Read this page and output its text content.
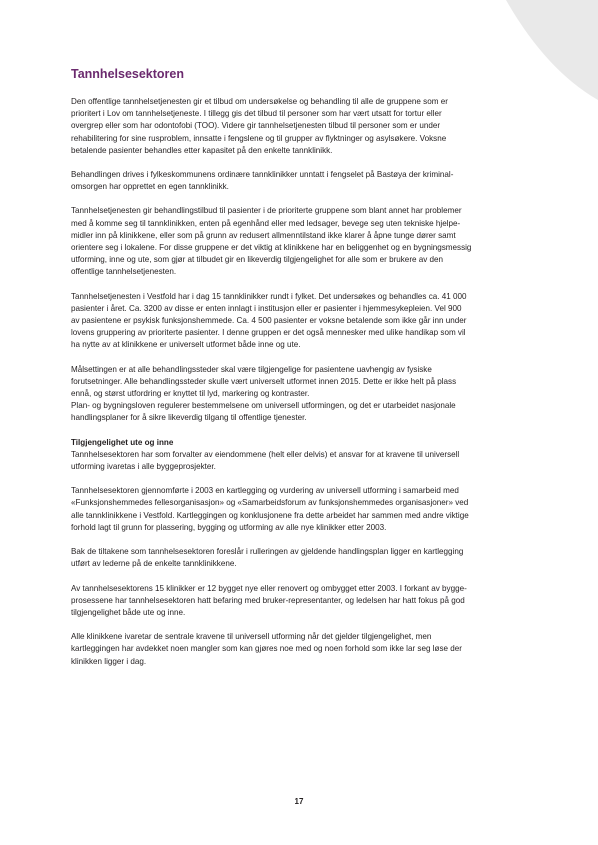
Tannhelsesektoren

Den offentlige tannhelsetjenesten gir et tilbud om undersøkelse og behandling til alle de gruppene som er
prioritert i Lov om tannhelsetjeneste. I tillegg gis det tilbud til personer som har vært utsatt for tortur eller
overgrep eller som har odontofobi (TOO). Videre gir tannhelsetjenesten tilbud til personer som er under
rehabilitering for sine rusproblem, innsatte i fengslene og til grupper av flyktninger og asylsøkere. Voksne
betalende pasienter behandles etter kapasitet på den enkelte tannklinikk.

Behandlingen drives i fylkeskommunens ordinære tannklinikker unntatt i fengselet på Bastøya der kriminal-
omsorgen har opprettet en egen tannklinikk.

Tannhelsetjenesten gir behandlingstilbud til pasienter i de prioriterte gruppene som blant annet har problemer
med å komme seg til tannklinikken, enten på egenhånd eller med ledsager, bevege seg uten tekniske hjelpe-
midler inn på klinikkene, eller som på grunn av redusert allmenntilstand ikke klarer å åpne tunge dører samt
orientere seg i lokalene. For disse gruppene er det viktig at klinikkene har en beliggenhet og en bygningsmessig
utforming, inne og ute, som gjør at tilbudet gir en likeverdig tilgjengelighet for alle som er brukere av den
offentlige tannhelsetjenesten.

Tannhelsetjenesten i Vestfold har i dag 15 tannklinikker rundt i fylket. Det undersøkes og behandles ca. 41 000
pasienter i året. Ca. 3200 av disse er enten innlagt i institusjon eller er pasienter i hjemmesykepleien. Vel 900
av pasientene er psykisk funksjonshemmede. Ca. 4 500 pasienter er voksne betalende som ikke går inn under
lovens gruppering av prioriterte pasienter. I denne gruppen er det også mennesker med ulike handikap som vil
ha nytte av at klinikkene er universelt utformet både inne og ute.

Målsettingen er at alle behandlingssteder skal være tilgjengelige for pasientene uavhengig av fysiske
forutsetninger. Alle behandlingssteder skulle vært universelt utformet innen 2015. Dette er ikke helt på plass
ennå, og størst utfordring er knyttet til lyd, markering og kontraster.
Plan- og bygningsloven regulerer bestemmelsene om universell utformingen, og det er utarbeidet nasjonale
handlingsplaner for å sikre likeverdig tilgang til offentlige tjenester.

Tilgjengelighet ute og inne

Tannhelsesektoren har som forvalter av eiendommene (helt eller delvis) et ansvar for at kravene til universell
utforming ivaretas i alle byggeprosjekter.

Tannhelsesektoren gjennomførte i 2003 en kartlegging og vurdering av universell utforming i samarbeid med
«Funksjonshemmedes fellesorganisasjon» og «Samarbeidsforum av funksjonshemmedes organisasjoner» ved
alle tannklinikkene i Vestfold. Kartleggingen og konklusjonene fra dette arbeidet har sammen med andre viktige
forhold lagt til grunn for plassering, bygging og utforming av alle nye klinikker etter 2003.

Bak de tiltakene som tannhelsesektoren foreslår i rulleringen av gjeldende handlingsplan ligger en kartlegging
utført av lederne på de enkelte tannklinikkene.

Av tannhelsesektorens 15 klinikker er 12 bygget nye eller renovert og ombygget etter 2003. I forkant av bygge-
prosessene har tannhelsesektoren hatt befaring med bruker-representanter, og ledelsen har hatt fokus på god
tilgjengelighet både ute og inne.

Alle klinikkene ivaretar de sentrale kravene til universell utforming når det gjelder tilgjengelighet, men
kartleggingen har avdekket noen mangler som kan gjøres noe med og noen forhold som ikke lar seg løse der
klinikken ligger i dag.

17
